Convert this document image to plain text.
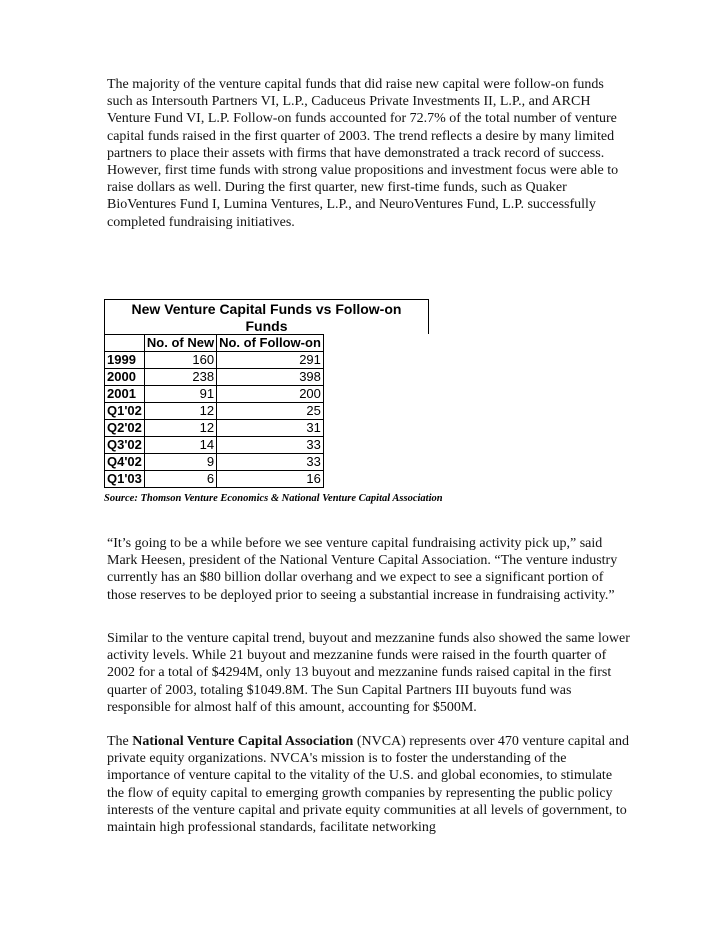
The majority of the venture capital funds that did raise new capital were follow-on funds such as Intersouth Partners VI, L.P., Caduceus Private Investments II, L.P., and ARCH Venture Fund VI, L.P. Follow-on funds accounted for 72.7% of the total number of venture capital funds raised in the first quarter of 2003. The trend reflects a desire by many limited partners to place their assets with firms that have demonstrated a track record of success. However, first time funds with strong value propositions and investment focus were able to raise dollars as well. During the first quarter, new first-time funds, such as Quaker BioVentures Fund I, Lumina Ventures, L.P., and NeuroVentures Fund, L.P. successfully completed fundraising initiatives.

New Venture Capital Funds vs Follow-on
Funds
	No. of New	No. of Follow-on
1999	160	291
2000	238	398
2001	91	200
Q1'02	12	25
Q2'02	12	31
Q3'02	14	33
Q4'02	9	33
Q1'03	6	16
Source: Thomson Venture Economics & National Venture Capital Association

“It’s going to be a while before we see venture capital fundraising activity pick up,” said Mark Heesen, president of the National Venture Capital Association. “The venture industry currently has an $80 billion dollar overhang and we expect to see a significant portion of those reserves to be deployed prior to seeing a substantial increase in fundraising activity.”

Similar to the venture capital trend, buyout and mezzanine funds also showed the same lower activity levels. While 21 buyout and mezzanine funds were raised in the fourth quarter of 2002 for a total of $4294M, only 13 buyout and mezzanine funds raised capital in the first quarter of 2003, totaling $1049.8M. The Sun Capital Partners III buyouts fund was responsible for almost half of this amount, accounting for $500M.

The National Venture Capital Association (NVCA) represents over 470 venture capital and private equity organizations. NVCA's mission is to foster the understanding of the importance of venture capital to the vitality of the U.S. and global economies, to stimulate the flow of equity capital to emerging growth companies by representing the public policy interests of the venture capital and private equity communities at all levels of government, to maintain high professional standards, facilitate networking
